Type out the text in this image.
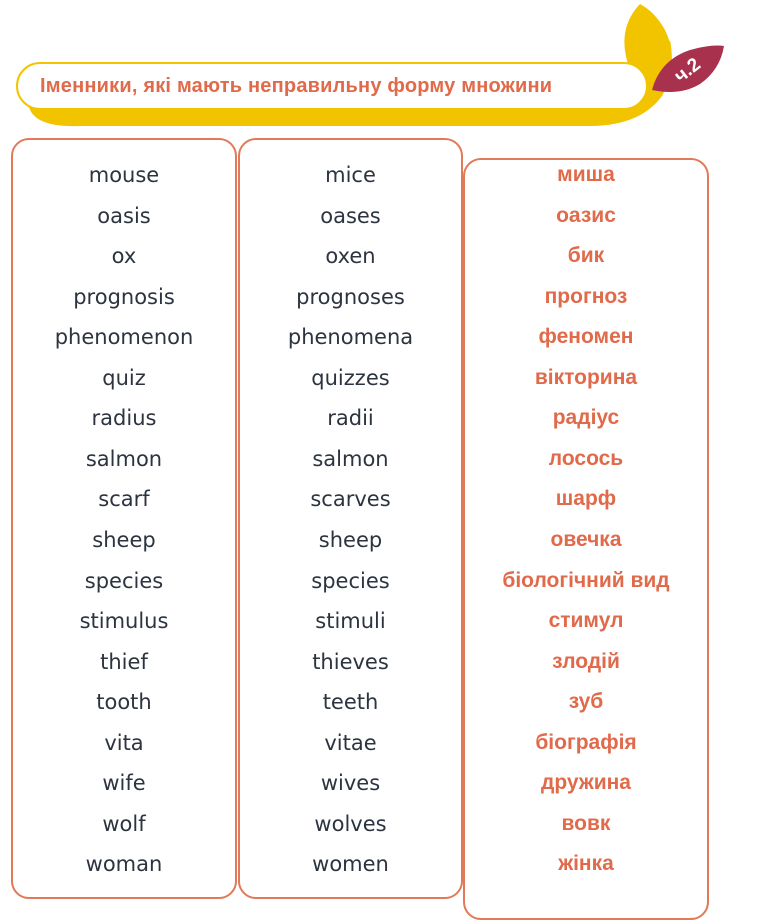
Іменники, які мають неправильну форму множини	ч.2
mouse
oasis
ox
prognosis
phenomenon
quiz
radius
salmon
scarf
sheep
species
stimulus
thief
tooth
vita
wife
wolf
woman
mice
oases
oxen
prognoses
phenomena
quizzes
radii
salmon
scarves
sheep
species
stimuli
thieves
teeth
vitae
wives
wolves
women
миша
оазис
бик
прогноз
феномен
вікторина
радіус
лосось
шарф
овечка
біологічний вид
стимул
злодій
зуб
біографія
дружина
вовк
жінка
